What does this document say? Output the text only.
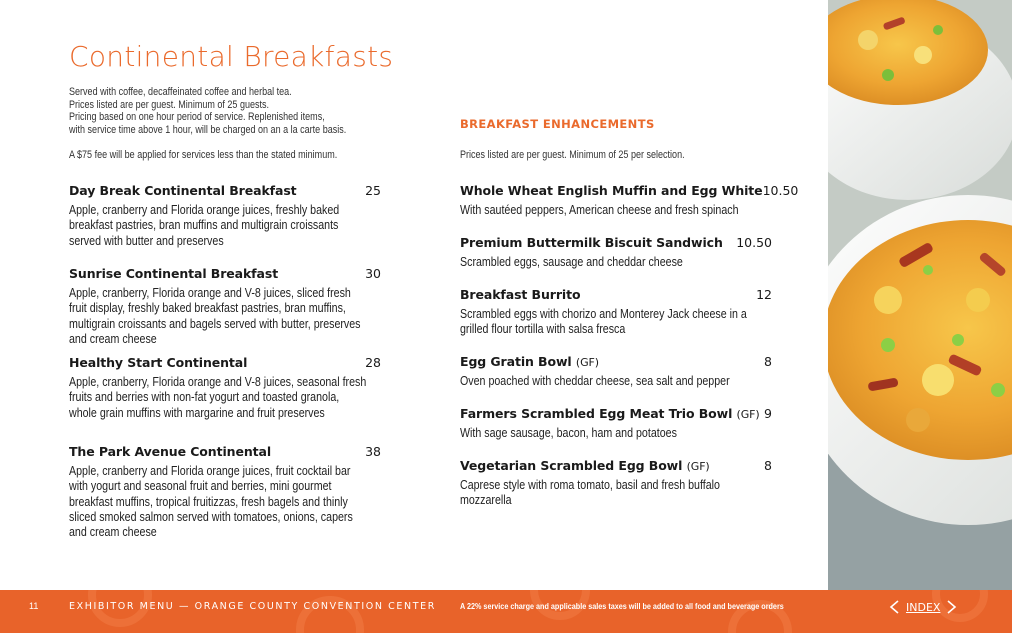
Continental Breakfasts
Served with coffee, decaffeinated coffee and herbal tea.
Prices listed are per guest. Minimum of 25 guests.
Pricing based on one hour period of service. Replenished items,
with service time above 1 hour, will be charged on an a la carte basis.
A $75 fee will be applied for services less than the stated minimum.
Day Break Continental Breakfast	25
Apple, cranberry and Florida orange juices, freshly baked breakfast pastries, bran muffins and multigrain croissants served with butter and preserves
Sunrise Continental Breakfast	30
Apple, cranberry, Florida orange and V-8 juices, sliced fresh fruit display, freshly baked breakfast pastries, bran muffins, multigrain croissants and bagels served with butter, preserves and cream cheese
Healthy Start Continental	28
Apple, cranberry, Florida orange and V-8 juices, seasonal fresh fruits and berries with non-fat yogurt and toasted granola, whole grain muffins with margarine and fruit preserves
The Park Avenue Continental	38
Apple, cranberry and Florida orange juices, fruit cocktail bar with yogurt and seasonal fruit and berries, mini gourmet breakfast muffins, tropical fruitizzas, fresh bagels and thinly sliced smoked salmon served with tomatoes, onions, capers and cream cheese
BREAKFAST ENHANCEMENTS
Prices listed are per guest. Minimum of 25 per selection.
Whole Wheat English Muffin and Egg White 10.50
With sautéed peppers, American cheese and fresh spinach
Premium Buttermilk Biscuit Sandwich 10.50
Scrambled eggs, sausage and cheddar cheese
Breakfast Burrito	12
Scrambled eggs with chorizo and Monterey Jack cheese in a grilled flour tortilla with salsa fresca
Egg Gratin Bowl (GF)	8
Oven poached with cheddar cheese, sea salt and pepper
Farmers Scrambled Egg Meat Trio Bowl (GF) 9
With sage sausage, bacon, ham and potatoes
Vegetarian Scrambled Egg Bowl (GF)	8
Caprese style with roma tomato, basil and fresh buffalo mozzarella
11	EXHIBITOR MENU — ORANGE COUNTY CONVENTION CENTER	A 22% service charge and applicable sales taxes will be added to all food and beverage orders	INDEX
